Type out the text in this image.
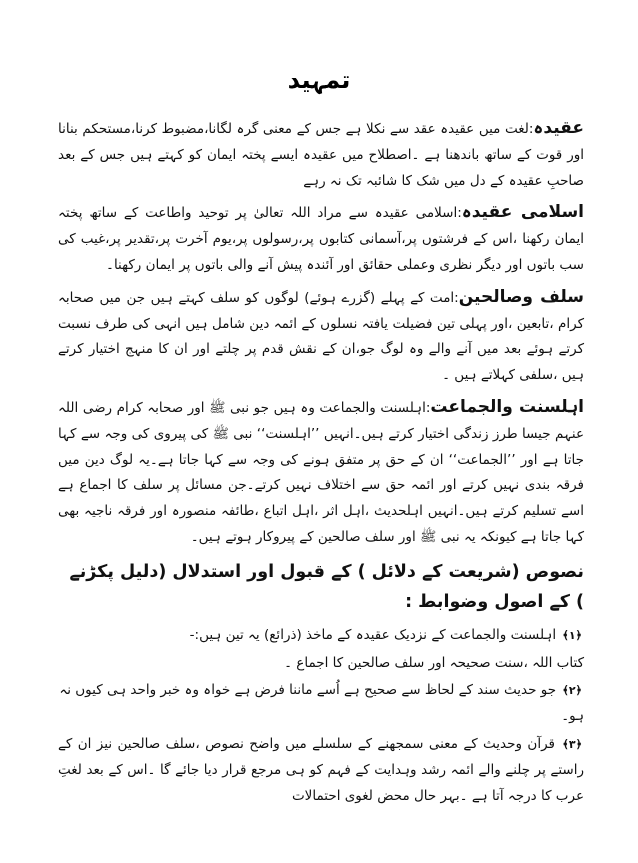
تمہید

عقیدہ:لغت میں عقیدہ عقد سے نکلا ہے جس کے معنی گرہ لگانا،مضبوط کرنا،مستحکم بنانا اور قوت کے ساتھ باندھنا ہے ۔اصطلاح میں عقیدہ ایسے پختہ ایمان کو کہتے ہیں جس کے بعد صاحبِ عقیدہ کے دل میں شک کا شائبہ تک نہ رہے

اسلامی عقیدہ:اسلامی عقیدہ سے مراد اللہ تعالیٰ پر توحید واطاعت کے ساتھ پختہ ایمان رکھنا ،اس کے فرشتوں پر،آسمانی کتابوں پر،رسولوں پر،یوم آخرت پر،تقدیر پر،غیب کی سب باتوں اور دیگر نظری وعملی حقائق اور آئندہ پیش آنے والی باتوں پر ایمان رکھنا۔

سلف وصالحین:امت کے پہلے (گزرے ہوئے) لوگوں کو سلف کہتے ہیں جن میں صحابہ کرام ،تابعین ،اور پہلی تین فضیلت یافتہ نسلوں کے ائمہ دین شامل ہیں انہی کی طرف نسبت کرتے ہوئے بعد میں آنے والے وہ لوگ جو،ان کے نقش قدم پر چلتے اور ان کا منہج اختیار کرتے ہیں ،سلفی کہلاتے ہیں ۔

اہلسنت والجماعت:اہلسنت والجماعت وہ ہیں جو نبی ﷺ اور صحابہ کرام رضی اللہ عنہم جیسا طرز زندگی اختیار کرتے ہیں۔انہیں ’’اہلسنت‘‘ نبی ﷺ کی پیروی کی وجہ سے کہا جاتا ہے اور ’’الجماعت‘‘ ان کے حق پر متفق ہونے کی وجہ سے کہا جاتا ہے۔یہ لوگ دین میں فرقہ بندی نہیں کرتے اور ائمہ حق سے اختلاف نہیں کرتے۔جن مسائل پر سلف کا اجماع ہے اسے تسلیم کرتے ہیں۔انہیں اہلحدیث ،اہل اثر ،اہل اتباع ،طائفہ منصورہ اور فرقہ ناجیہ بھی کہا جاتا ہے کیونکہ یہ نبی ﷺ اور سلف صالحین کے پیروکار ہوتے ہیں۔

نصوص (شریعت کے دلائل ) کے قبول اور استدلال (دلیل پکڑنے ) کے اصول وضوابط :
﴿۱﴾ اہلسنت والجماعت کے نزدیک عقیدہ کے ماخذ (ذرائع) یہ تین ہیں:-
کتاب اللہ ،سنت صحیحہ اور سلف صالحین کا اجماع ۔
﴿۲﴾ جو حدیث سند کے لحاظ سے صحیح ہے اُسے ماننا فرض ہے خواہ وہ خبر واحد ہی کیوں نہ ہو۔
﴿۳﴾ قرآن وحدیث کے معنی سمجھنے کے سلسلے میں واضح نصوص ،سلف صالحین نیز ان کے راستے پر چلنے والے ائمہ رشد وہدایت کے فہم کو ہی مرجع قرار دیا جائے گا ۔اس کے بعد لغتِ عرب کا درجہ آتا ہے ۔بہر حال محض لغوی احتمالات
